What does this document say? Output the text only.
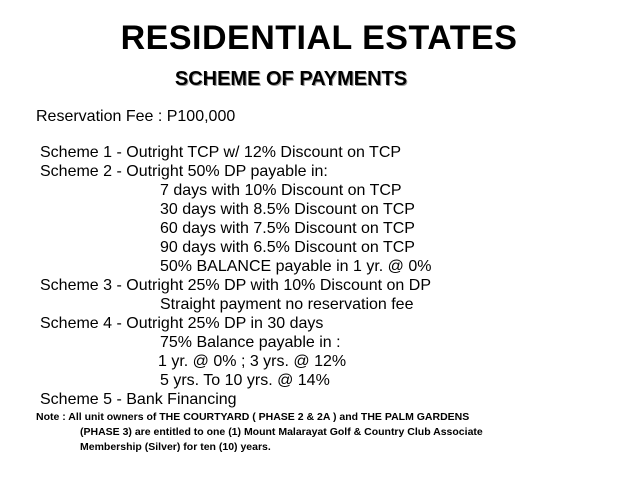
RESIDENTIAL ESTATES
SCHEME OF PAYMENTS
Reservation Fee : P100,000
Scheme 1 - Outright TCP w/ 12% Discount on TCP
Scheme 2 - Outright 50% DP payable in:
7 days with 10% Discount on TCP
30 days with 8.5% Discount on TCP
60 days with 7.5% Discount on TCP
90 days with 6.5% Discount on TCP
50% BALANCE payable in 1 yr. @ 0%
Scheme 3 - Outright 25% DP with 10% Discount on DP
Straight payment no reservation fee
Scheme 4 - Outright 25% DP in 30 days
75% Balance payable in :
1 yr. @ 0% ; 3 yrs. @ 12%
5 yrs. To 10 yrs. @ 14%
Scheme 5 - Bank Financing
Note : All unit owners of THE COURTYARD ( PHASE 2 & 2A ) and THE PALM GARDENS
(PHASE 3) are entitled to one (1) Mount Malarayat Golf & Country Club Associate
Membership (Silver) for ten (10) years.
